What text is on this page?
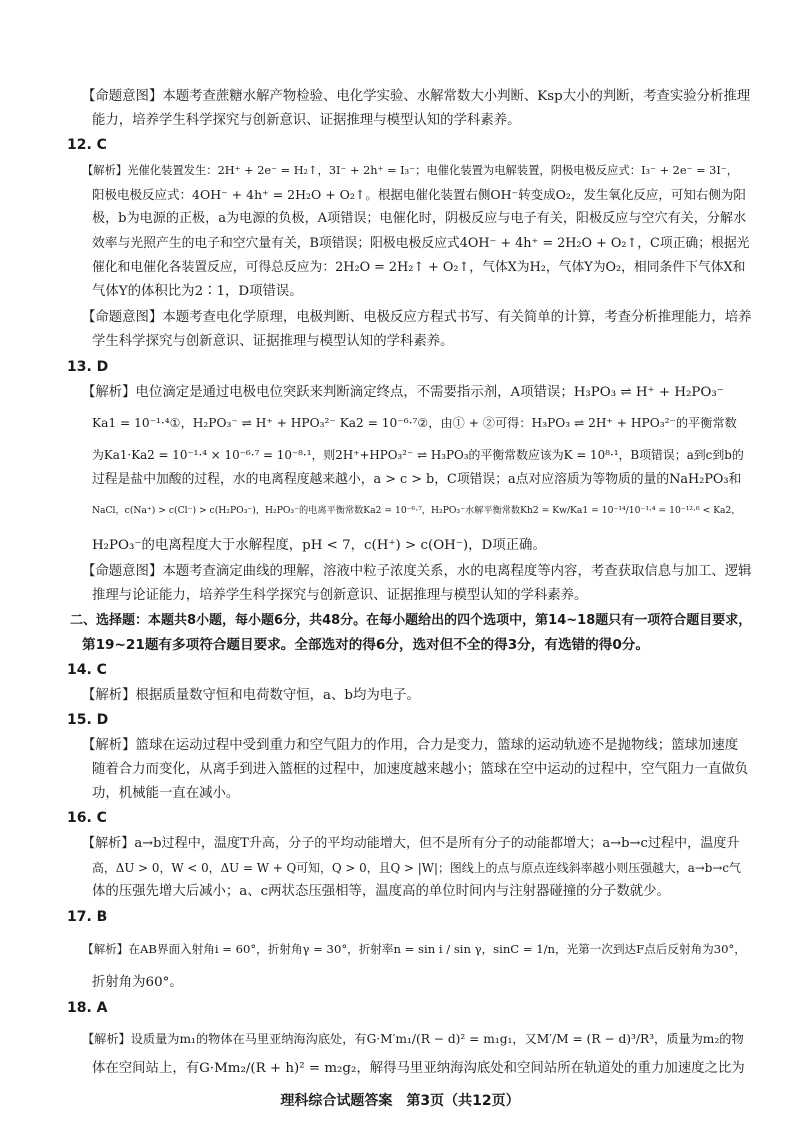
【命题意图】本题考查蔗糖水解产物检验、电化学实验、水解常数大小判断、Ksp大小的判断，考查实验分析推理
能力，培养学生科学探究与创新意识、证据推理与模型认知的学科素养。
12. C
【解析】光催化装置发生：2H⁺ + 2e⁻ = H₂↑，3I⁻ + 2h⁺ = I₃⁻；电催化装置为电解装置，阴极电极反应式：I₃⁻ + 2e⁻ = 3I⁻，
阳极电极反应式：4OH⁻ + 4h⁺ = 2H₂O + O₂↑。根据电催化装置右侧OH⁻转变成O₂，发生氧化反应，可知右侧为阳
极，b为电源的正极，a为电源的负极，A项错误；电催化时，阴极反应与电子有关，阳极反应与空穴有关，分解水
效率与光照产生的电子和空穴量有关，B项错误；阳极电极反应式4OH⁻ + 4h⁺ = 2H₂O + O₂↑，C项正确；根据光
催化和电催化各装置反应，可得总反应为：2H₂O = 2H₂↑ + O₂↑，气体X为H₂，气体Y为O₂，相同条件下气体X和
气体Y的体积比为2∶1，D项错误。
【命题意图】本题考查电化学原理，电极判断、电极反应方程式书写、有关简单的计算，考查分析推理能力，培养
学生科学探究与创新意识、证据推理与模型认知的学科素养。
13. D
【解析】电位滴定是通过电极电位突跃来判断滴定终点，不需要指示剂，A项错误；H₃PO₃ ⇌ H⁺ + H₂PO₃⁻
Ka1 = 10⁻¹·⁴①，H₂PO₃⁻ ⇌ H⁺ + HPO₃²⁻ Ka2 = 10⁻⁶·⁷②，由① + ②可得：H₃PO₃ ⇌ 2H⁺ + HPO₃²⁻的平衡常数
为Ka1·Ka2 = 10⁻¹·⁴ × 10⁻⁶·⁷ = 10⁻⁸·¹，则2H⁺+HPO₃²⁻ ⇌ H₃PO₃的平衡常数应该为K = 10⁸·¹，B项错误；a到c到b的
过程是盐中加酸的过程，水的电离程度越来越小，a > c > b，C项错误；a点对应溶质为等物质的量的NaH₂PO₃和
NaCl，c(Na⁺) > c(Cl⁻) > c(H₂PO₃⁻)，H₂PO₃⁻的电离平衡常数Ka2 = 10⁻⁶·⁷，H₂PO₃⁻水解平衡常数Kh2 = Kw/Ka1 = 10⁻¹⁴/10⁻¹·⁴ = 10⁻¹²·⁶ < Ka2，
H₂PO₃⁻的电离程度大于水解程度，pH < 7，c(H⁺) > c(OH⁻)，D项正确。
【命题意图】本题考查滴定曲线的理解，溶液中粒子浓度关系，水的电离程度等内容，考查获取信息与加工、逻辑
推理与论证能力，培养学生科学探究与创新意识、证据推理与模型认知的学科素养。
二、选择题：本题共8小题，每小题6分，共48分。在每小题给出的四个选项中，第14~18题只有一项符合题目要求，
第19~21题有多项符合题目要求。全部选对的得6分，选对但不全的得3分，有选错的得0分。
14. C
【解析】根据质量数守恒和电荷数守恒，a、b均为电子。
15. D
【解析】篮球在运动过程中受到重力和空气阻力的作用，合力是变力，篮球的运动轨迹不是抛物线；篮球加速度
随着合力而变化，从离手到进入篮框的过程中，加速度越来越小；篮球在空中运动的过程中，空气阻力一直做负
功，机械能一直在减小。
16. C
【解析】a→b过程中，温度T升高，分子的平均动能增大，但不是所有分子的动能都增大；a→b→c过程中，温度升
高，ΔU > 0，W < 0，ΔU = W + Q可知，Q > 0，且Q > |W|；图线上的点与原点连线斜率越小则压强越大，a→b→c气
体的压强先增大后减小；a、c两状态压强相等，温度高的单位时间内与注射器碰撞的分子数就少。
17. B
【解析】在AB界面入射角i = 60°，折射角γ = 30°，折射率n = sin i / sin γ，sinC = 1/n，光第一次到达F点后反射角为30°，
折射角为60°。
18. A
【解析】设质量为m₁的物体在马里亚纳海沟底处，有G·M′m₁/(R − d)² = m₁g₁，又M′/M = (R − d)³/R³，质量为m₂的物
体在空间站上，有G·Mm₂/(R + h)² = m₂g₂，解得马里亚纳海沟底处和空间站所在轨道处的重力加速度之比为
理科综合试题答案　第3页（共12页）
